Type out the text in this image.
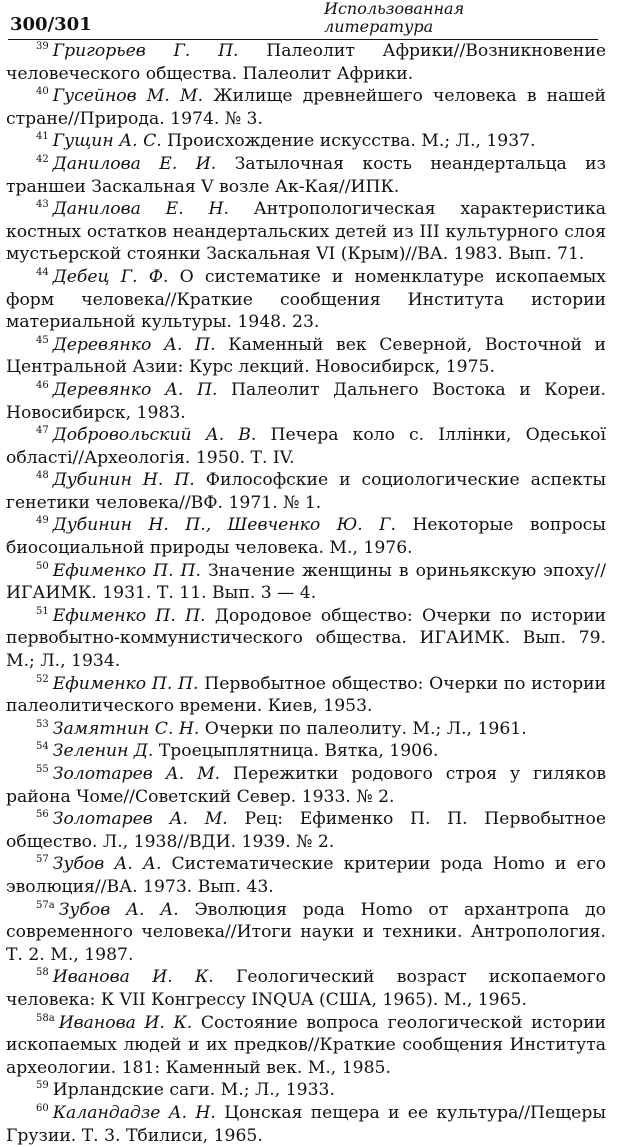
300/301
Использованная
литература
$^{39}$ Григорьев Г. П. Палеолит Африки//Возникновение человеческого общества. Палеолит Африки.
$^{40}$ Гусейнов М. М. Жилище древнейшего человека в нашей стране//Природа. 1974. № 3.
$^{41}$ Гущин А. С. Происхождение искусства. М.; Л., 1937.
$^{42}$ Данилова Е. И. Затылочная кость неандертальца из траншеи Заскальная V возле Ак-Кая//ИПК.
$^{43}$ Данилова Е. Н. Антропологическая характеристика костных остатков неандертальских детей из III культурного слоя мустьерской стоянки Заскальная VI (Крым)//ВА. 1983. Вып. 71.
$^{44}$ Дебец Г. Ф. О систематике и номенклатуре ископаемых форм человека//Краткие сообщения Института истории материальной культуры. 1948. 23.
$^{45}$ Деревянко А. П. Каменный век Северной, Восточной и Центральной Азии: Курс лекций. Новосибирск, 1975.
$^{46}$ Деревянко А. П. Палеолит Дальнего Востока и Кореи. Новосибирск, 1983.
$^{47}$ Добровольский А. В. Печера коло с. Іллінки, Одеської області//Археологія. 1950. Т. IV.
$^{48}$ Дубинин Н. П. Философские и социологические аспекты генетики человека//ВФ. 1971. № 1.
$^{49}$ Дубинин Н. П., Шевченко Ю. Г. Некоторые вопросы биосоциальной природы человека. М., 1976.
$^{50}$ Ефименко П. П. Значение женщины в ориньякскую эпоху//ИГАИМК. 1931. Т. 11. Вып. 3 — 4.
$^{51}$ Ефименко П. П. Дородовое общество: Очерки по истории первобытно-коммунистического общества. ИГАИМК. Вып. 79. М.; Л., 1934.
$^{52}$ Ефименко П. П. Первобытное общество: Очерки по истории палеолитического времени. Киев, 1953.
$^{53}$ Замятнин С. Н. Очерки по палеолиту. М.; Л., 1961.
$^{54}$ Зеленин Д. Троецыплятница. Вятка, 1906.
$^{55}$ Золотарев А. М. Пережитки родового строя у гиляков района Чоме//Советский Север. 1933. № 2.
$^{56}$ Золотарев А. М. Рец: Ефименко П. П. Первобытное общество. Л., 1938//ВДИ. 1939. № 2.
$^{57}$ Зубов А. А. Систематические критерии рода Homo и его эволюция//ВА. 1973. Вып. 43.
$^{57a}$ Зубов А. А. Эволюция рода Homo от архантропа до современного человека//Итоги науки и техники. Антропология. Т. 2. М., 1987.
$^{58}$ Иванова И. К. Геологический возраст ископаемого человека: К VII Конгрессу INQUA (США, 1965). М., 1965.
$^{58a}$ Иванова И. К. Состояние вопроса геологической истории ископаемых людей и их предков//Краткие сообщения Института археологии. 181: Каменный век. М., 1985.
$^{59}$ Ирландские саги. М.; Л., 1933.
$^{60}$ Каландадзе А. Н. Цонская пещера и ее культура//Пещеры Грузии. Т. 3. Тбилиси, 1965.
